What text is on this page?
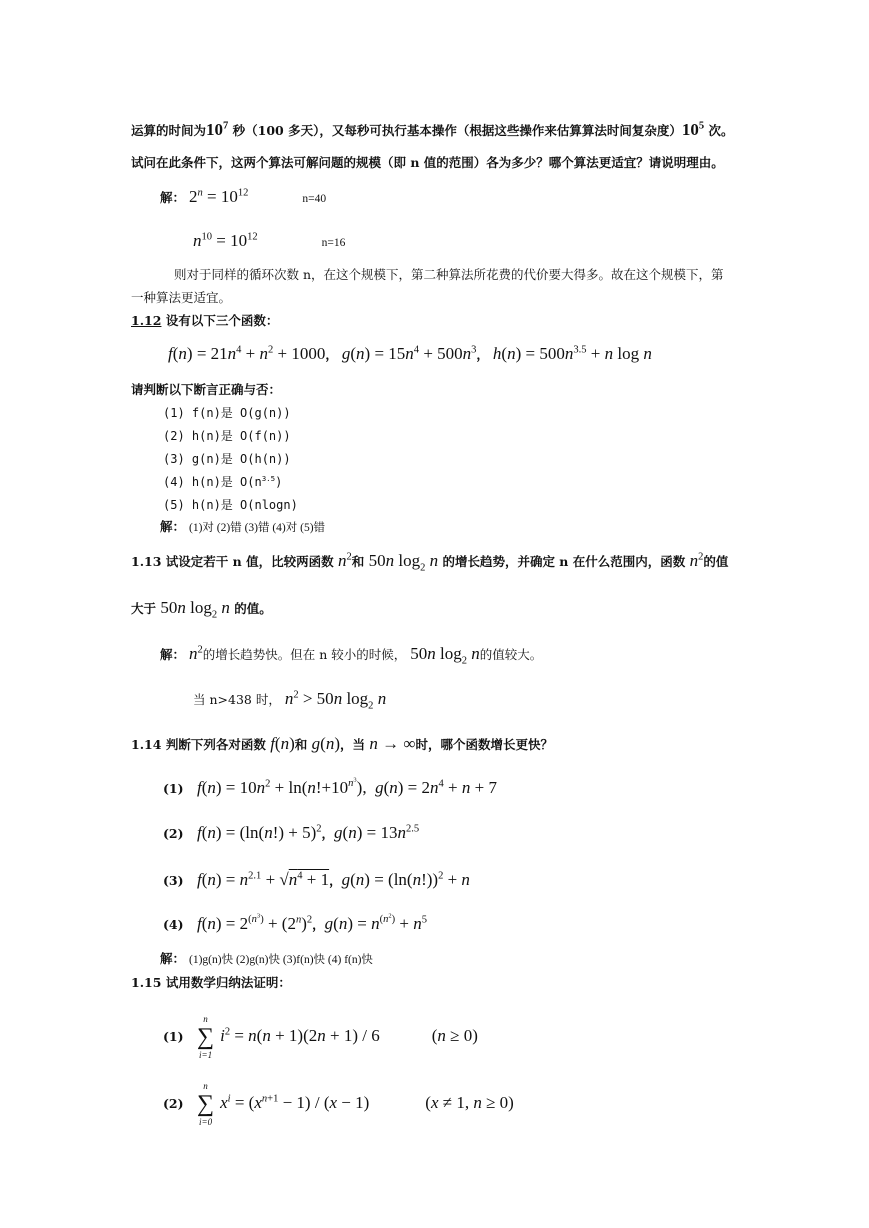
运算的时间为$10^7$ 秒（100 多天），又每秒可执行基本操作（根据这些操作来估算算法时间复杂度）$10^5$ 次。
试问在此条件下，这两个算法可解问题的规模（即 n 值的范围）各为多少？哪个算法更适宜？请说明理由。
解： $2^n = 10^{12}$ n=40
$n^{10} = 10^{12}$ n=16
则对于同样的循环次数 n，在这个规模下，第二种算法所花费的代价要大得多。故在这个规模下，第
一种算法更适宜。
1.12 设有以下三个函数：
$f(n) = 21n^4 + n^2 + 1000$， $g(n) = 15n^4 + 500n^3$， $h(n) = 500n^{3.5} + n$ log n
请判断以下断言正确与否：
(1) f(n)是 O(g(n))
(2) h(n)是 O(f(n))
(3) g(n)是 O(h(n))
(4) h(n)是 $O(n^{3.5})$
(5) h(n)是 O(nlogn)
解： (1)对 (2)错 (3)错 (4)对 (5)错
1.13 试设定若干 n 值，比较两函数 $n^2$和 50n $\log_2 n$ 的增长趋势，并确定 n 在什么范围内，函数 $n^2$的值
大于 50n $\log_2 n$ 的值。
解： $n^2$的增长趋势快。但在 n 较小的时候， 50n $\log_2 n$的值较大。
当 n>438 时， $n^2 > 50n$ $\log_2 n$
1.14 判断下列各对函数 f(n)和 g(n)，当 n → ∞时，哪个函数增长更快？
(1) $f(n) = 10n^2 + \ln(n!+10^{n^3})$,  $g(n) = 2n^4 + n + 7$
(2) $f(n) = (\ln(n!) + 5)^2$，$g(n) = 13n^{2.5}$
(3) $f(n) = n^{2.1} + √n^4 + 1$，$g(n) = (\ln(n!))^2 + n$
(4) $f(n) = 2^{(n^3)} + (2^n)^2$，$g(n) = n^{(n^2)} + n^5$
解： (1)g(n)快 (2)g(n)快 (3)f(n)快 (4) f(n)快
1.15 试用数学归纳法证明：
(1)
n
∑
i=1
$i^2 = n(n + 1)(2n + 1) / 6$	(n ≥ 0)
(2)
n
∑
i=0
$x^i = (x^{n+1} - 1) / (x - 1)$	(x ≠ 1, n ≥ 0)
